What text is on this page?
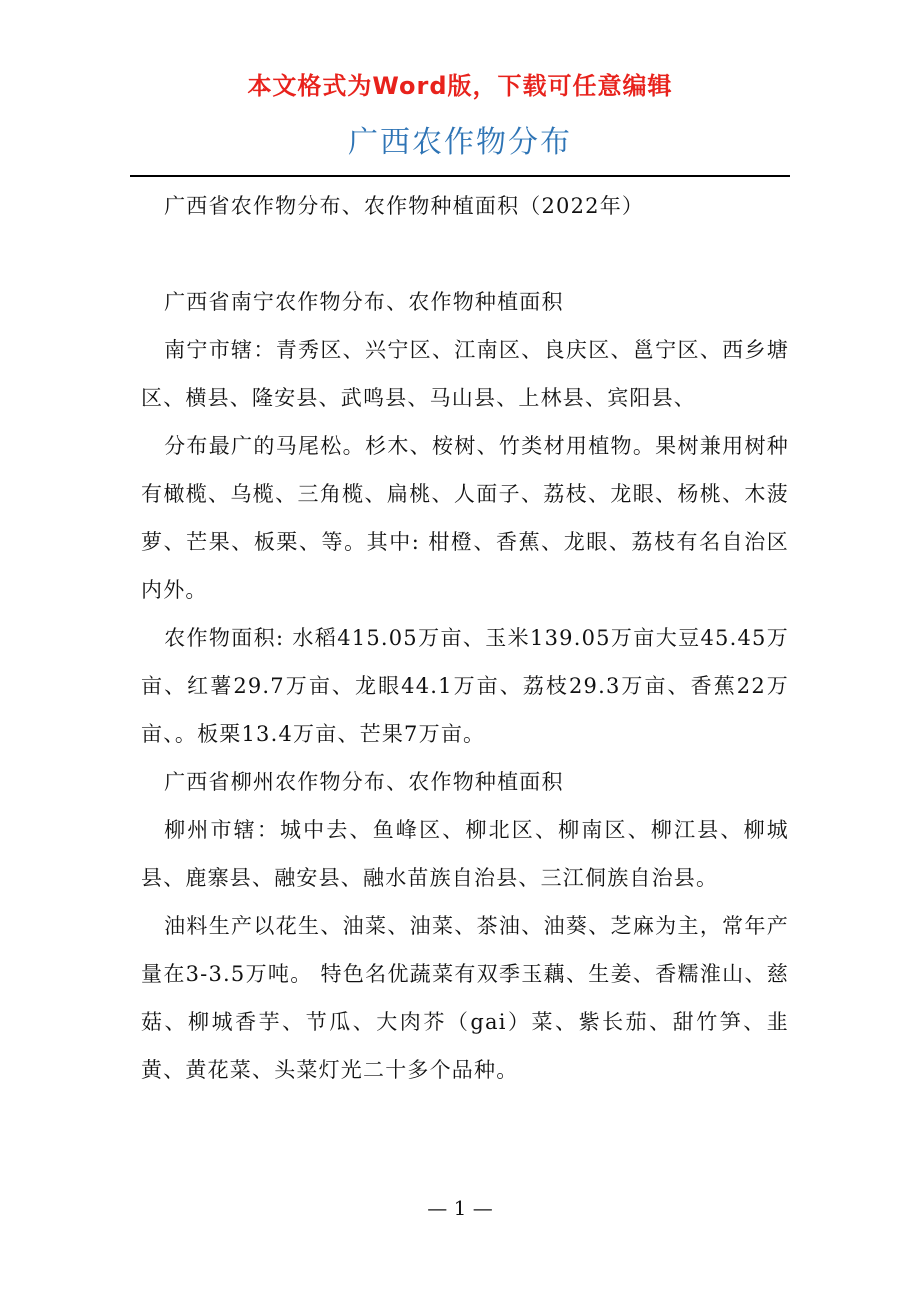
本文格式为Word版，下载可任意编辑
广西农作物分布

广西省农作物分布、农作物种植面积（2022年）

广西省南宁农作物分布、农作物种植面积

南宁市辖：青秀区、兴宁区、江南区、良庆区、邕宁区、西乡塘区、横县、隆安县、武鸣县、马山县、上林县、宾阳县、

分布最广的马尾松。杉木、桉树、竹类材用植物。果树兼用树种有橄榄、乌榄、三角榄、扁桃、人面子、荔枝、龙眼、杨桃、木菠萝、芒果、板栗、等。其中: 柑橙、香蕉、龙眼、荔枝有名自治区内外。

农作物面积: 水稻415.05万亩、玉米139.05万亩大豆45.45万亩、红薯29.7万亩、龙眼44.1万亩、荔枝29.3万亩、香蕉22万亩、。板栗13.4万亩、芒果7万亩。

广西省柳州农作物分布、农作物种植面积

柳州市辖：城中去、鱼峰区、柳北区、柳南区、柳江县、柳城县、鹿寨县、融安县、融水苗族自治县、三江侗族自治县。

油料生产以花生、油菜、油菜、茶油、油葵、芝麻为主，常年产量在3-3.5万吨。 特色名优蔬菜有双季玉藕、生姜、香糯淮山、慈菇、柳城香芋、节瓜、大肉芥（gai）菜、紫长茄、甜竹笋、韭黄、黄花菜、头菜灯光二十多个品种。

— 1 —
